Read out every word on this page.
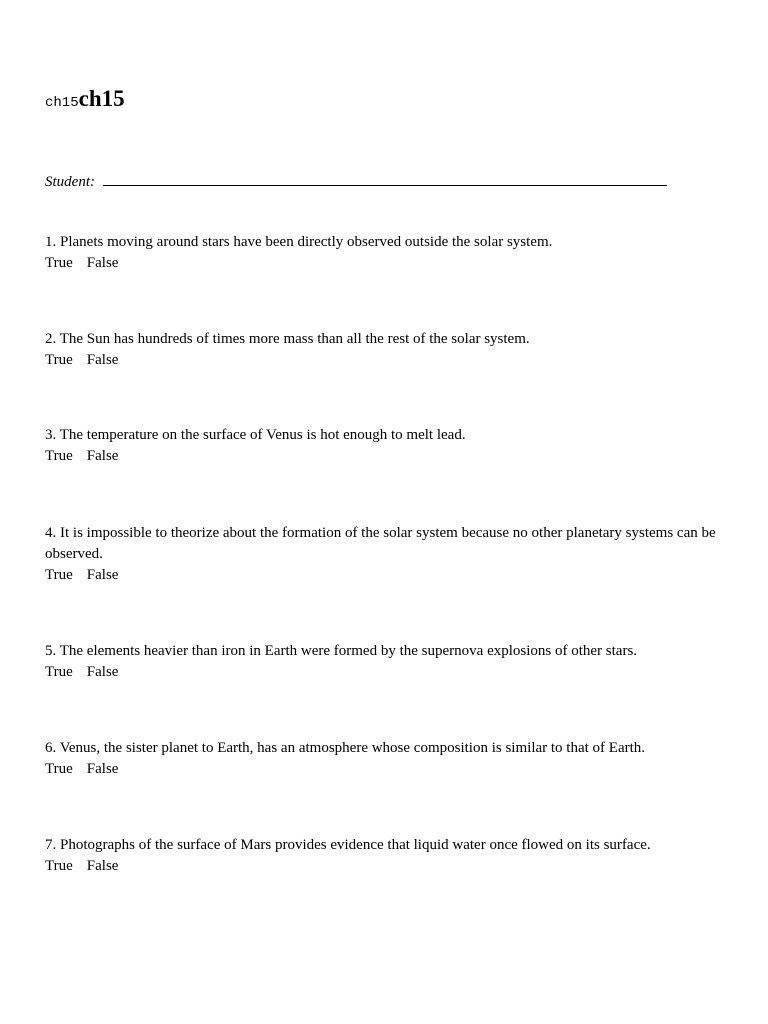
ch15ch15
Student:
1. Planets moving around stars have been directly observed outside the solar system.
True False
2. The Sun has hundreds of times more mass than all the rest of the solar system.
True False
3. The temperature on the surface of Venus is hot enough to melt lead.
True False
4. It is impossible to theorize about the formation of the solar system because no other planetary systems can be observed.
True False
5. The elements heavier than iron in Earth were formed by the supernova explosions of other stars.
True False
6. Venus, the sister planet to Earth, has an atmosphere whose composition is similar to that of Earth.
True False
7. Photographs of the surface of Mars provides evidence that liquid water once flowed on its surface.
True False
